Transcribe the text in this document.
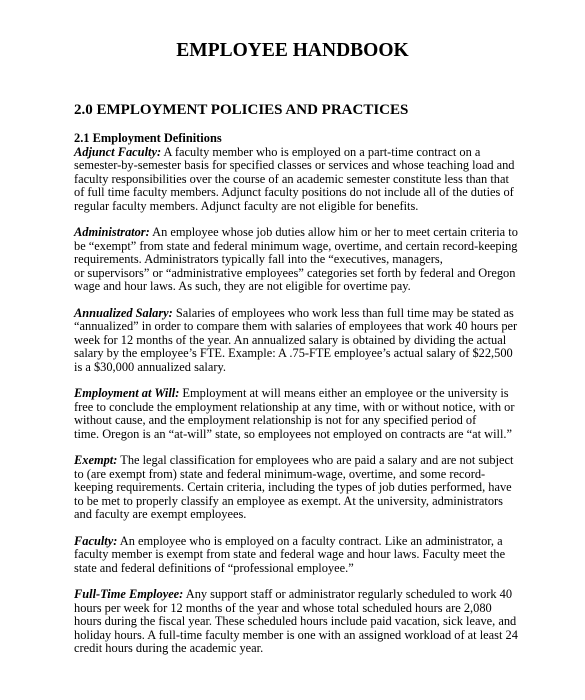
EMPLOYEE HANDBOOK
2.0 EMPLOYMENT POLICIES AND PRACTICES
2.1 Employment Definitions
Adjunct Faculty: A faculty member who is employed on a part-time contract on a
semester-by-semester basis for specified classes or services and whose teaching load and
faculty responsibilities over the course of an academic semester constitute less than that
of full time faculty members. Adjunct faculty positions do not include all of the duties of
regular faculty members. Adjunct faculty are not eligible for benefits.
Administrator: An employee whose job duties allow him or her to meet certain criteria to
be “exempt” from state and federal minimum wage, overtime, and certain record-keeping
requirements. Administrators typically fall into the “executives, managers,
or supervisors” or “administrative employees” categories set forth by federal and Oregon
wage and hour laws. As such, they are not eligible for overtime pay.
Annualized Salary: Salaries of employees who work less than full time may be stated as
“annualized” in order to compare them with salaries of employees that work 40 hours per
week for 12 months of the year. An annualized salary is obtained by dividing the actual
salary by the employee’s FTE. Example: A .75-FTE employee’s actual salary of $22,500
is a $30,000 annualized salary.
Employment at Will: Employment at will means either an employee or the university is
free to conclude the employment relationship at any time, with or without notice, with or
without cause, and the employment relationship is not for any specified period of
time. Oregon is an “at-will” state, so employees not employed on contracts are “at will.”
Exempt: The legal classification for employees who are paid a salary and are not subject
to (are exempt from) state and federal minimum-wage, overtime, and some record-
keeping requirements. Certain criteria, including the types of job duties performed, have
to be met to properly classify an employee as exempt. At the university, administrators
and faculty are exempt employees.
Faculty: An employee who is employed on a faculty contract. Like an administrator, a
faculty member is exempt from state and federal wage and hour laws. Faculty meet the
state and federal definitions of “professional employee.”
Full-Time Employee: Any support staff or administrator regularly scheduled to work 40
hours per week for 12 months of the year and whose total scheduled hours are 2,080
hours during the fiscal year. These scheduled hours include paid vacation, sick leave, and
holiday hours. A full-time faculty member is one with an assigned workload of at least 24
credit hours during the academic year.
